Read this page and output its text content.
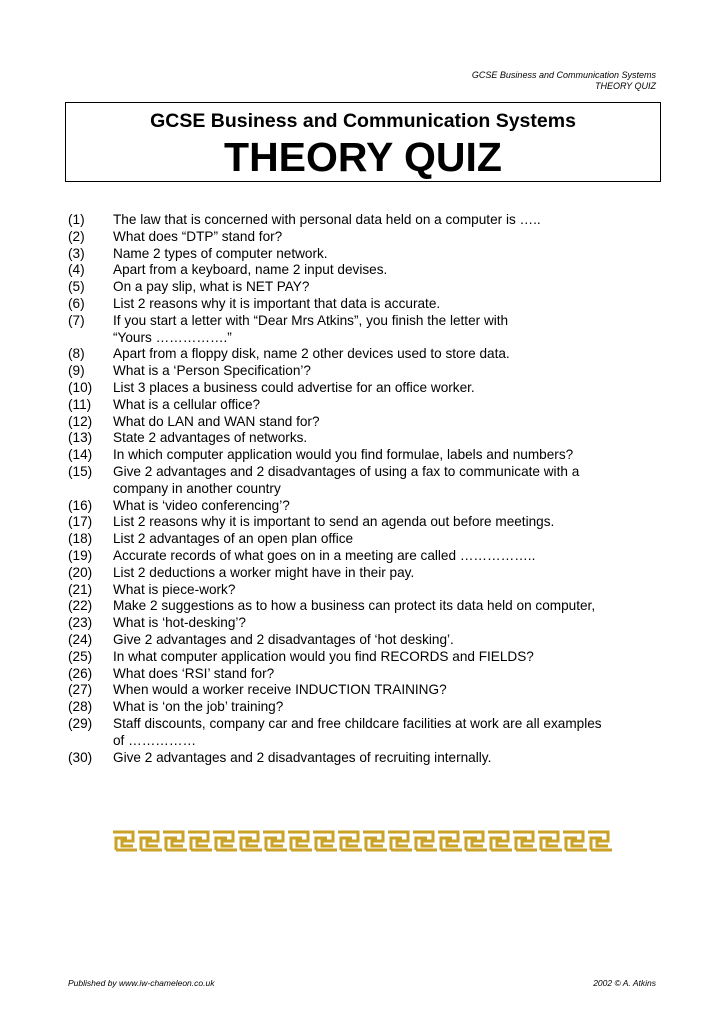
GCSE Business and Communication Systems
THEORY QUIZ
GCSE Business and Communication Systems
THEORY QUIZ
(1)	The law that is concerned with personal data held on a computer is …..
(2)	What does “DTP” stand for?
(3)	Name 2 types of computer network.
(4)	Apart from a keyboard, name 2 input devises.
(5)	On a pay slip, what is NET PAY?
(6)	List 2 reasons why it is important that data is accurate.
(7)	If you start a letter with “Dear Mrs Atkins”, you finish the letter with
“Yours …………….”
(8)	Apart from a floppy disk, name 2 other devices used to store data.
(9)	What is a ‘Person Specification’?
(10)	List 3 places a business could advertise for an office worker.
(11)	What is a cellular office?
(12)	What do LAN and WAN stand for?
(13)	State 2 advantages of networks.
(14)	In which computer application would you find formulae, labels and numbers?
(15)	Give 2 advantages and 2 disadvantages of using a fax to communicate with a
company in another country
(16)	What is ‘video conferencing’?
(17)	List 2 reasons why it is important to send an agenda out before meetings.
(18)	List 2 advantages of an open plan office
(19)	Accurate records of what goes on in a meeting are called ……………..
(20)	List 2 deductions a worker might have in their pay.
(21)	What is piece-work?
(22)	Make 2 suggestions as to how a business can protect its data held on computer,
(23)	What is ‘hot-desking’?
(24)	Give 2 advantages and 2 disadvantages of ‘hot desking’.
(25)	In what computer application would you find RECORDS and FIELDS?
(26)	What does ‘RSI’ stand for?
(27)	When would a worker receive INDUCTION TRAINING?
(28)	What is ‘on the job’ training?
(29)	Staff discounts, company car and free childcare facilities at work are all examples
of ……………
(30)	Give 2 advantages and 2 disadvantages of recruiting internally.
Published by www.iw-chameleon.co.uk	2002 © A. Atkins
